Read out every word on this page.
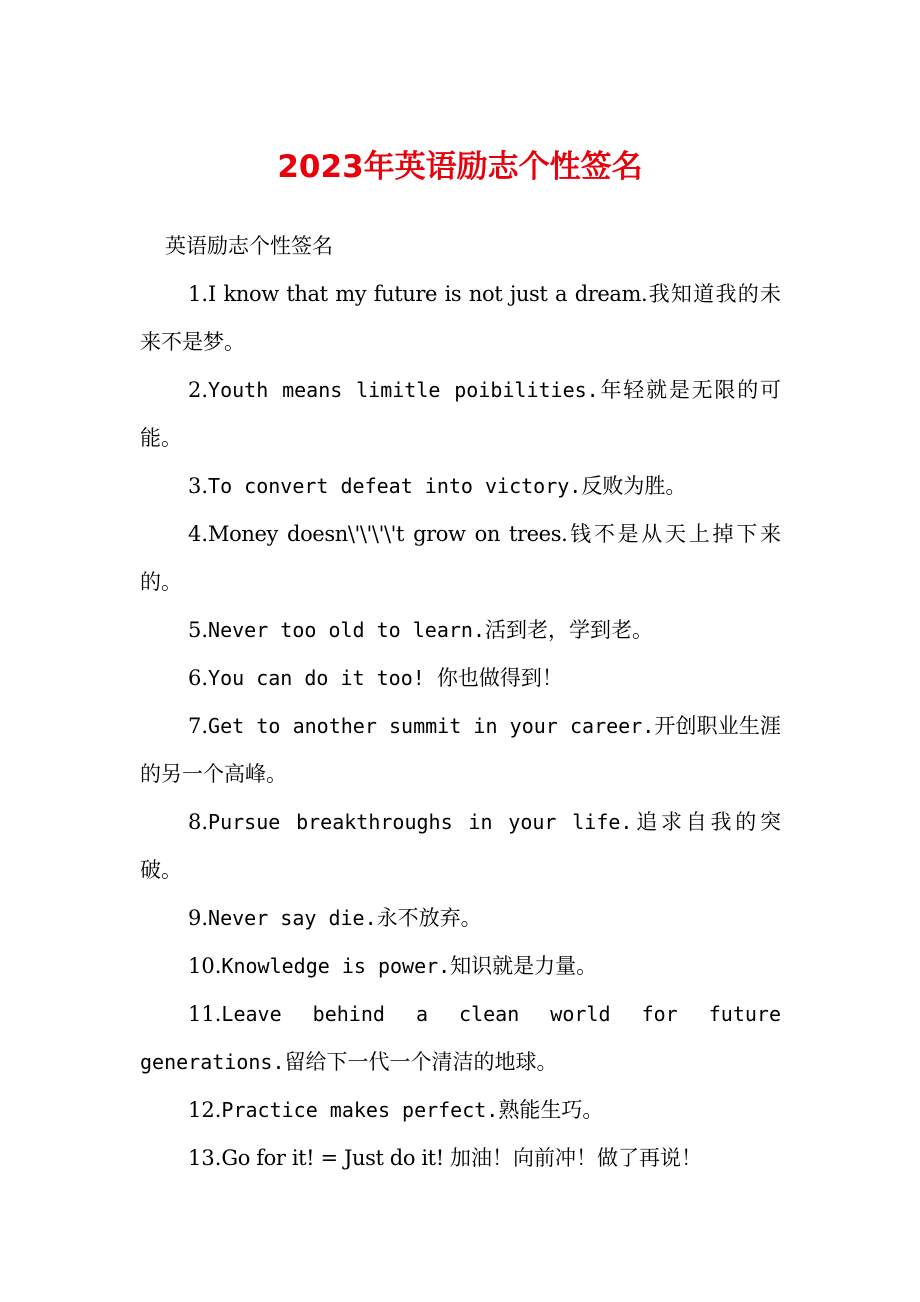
2023年英语励志个性签名

英语励志个性签名

1.I know that my future is not just a dream.我知道我的未来不是梦。

2.Youth means limitle poibilities.年轻就是无限的可能。

3.To convert defeat into victory.反败为胜。

4.Money doesn\'\'\'\'t grow on trees.钱不是从天上掉下来的。

5.Never too old to learn.活到老，学到老。

6.You can do it too! 你也做得到！

7.Get to another summit in your career.开创职业生涯的另一个高峰。

8.Pursue breakthroughs in your life.追求自我的突破。

9.Never say die.永不放弃。

10.Knowledge is power.知识就是力量。

11.Leave behind a clean world for future generations.留给下一代一个清洁的地球。

12.Practice makes perfect.熟能生巧。

13.Go for it! = Just do it! 加油！向前冲！做了再说！
